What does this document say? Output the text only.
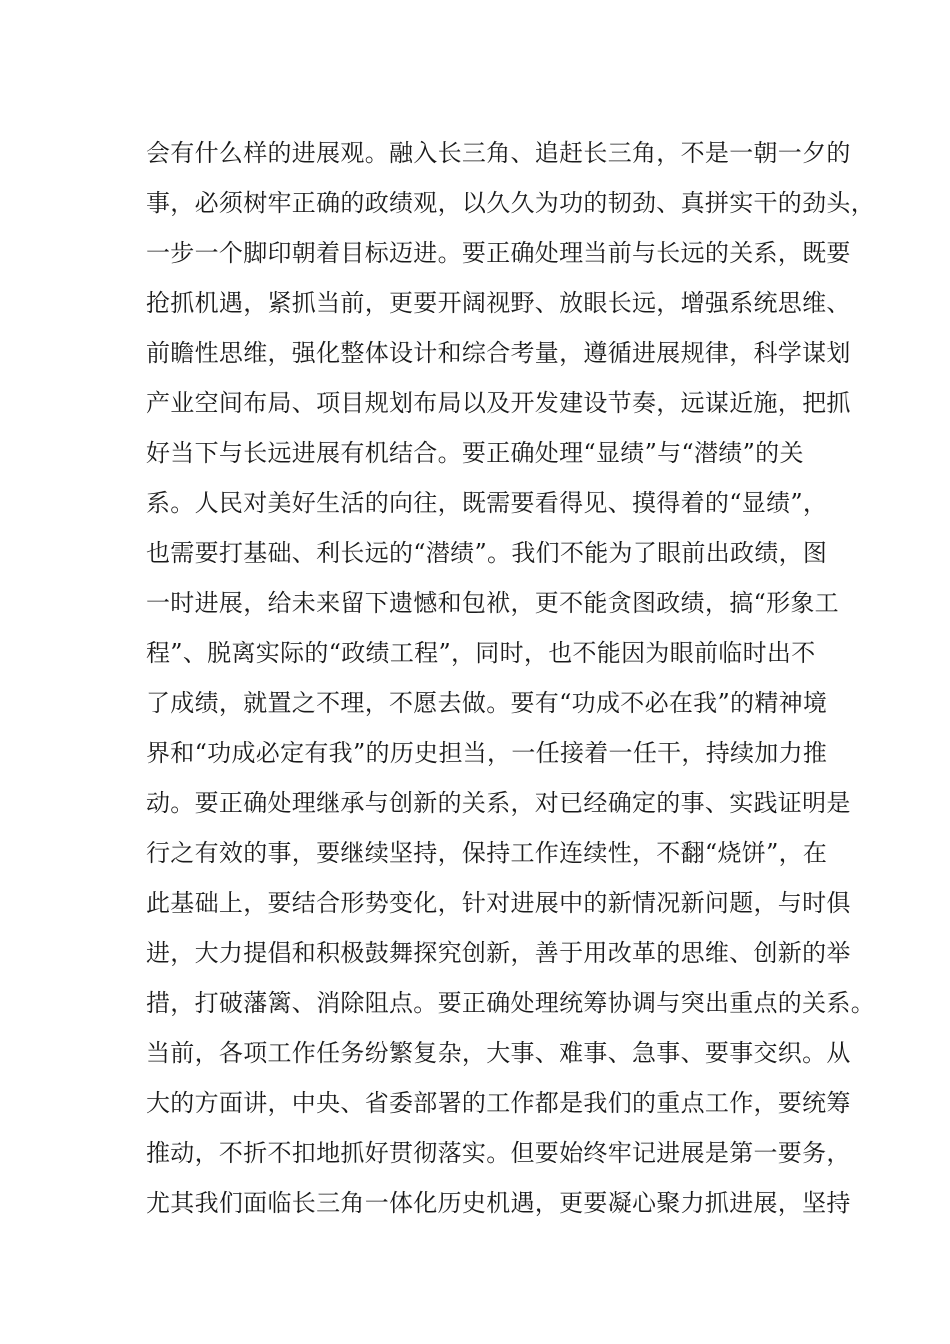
会有什么样的进展观。融入长三角、追赶长三角，不是一朝一夕的
事，必须树牢正确的政绩观，以久久为功的韧劲、真拼实干的劲头，
一步一个脚印朝着目标迈进。要正确处理当前与长远的关系，既要
抢抓机遇，紧抓当前，更要开阔视野、放眼长远，增强系统思维、
前瞻性思维，强化整体设计和综合考量，遵循进展规律，科学谋划
产业空间布局、项目规划布局以及开发建设节奏，远谋近施，把抓
好当下与长远进展有机结合。要正确处理“显绩”与“潜绩”的关
系。人民对美好生活的向往，既需要看得见、摸得着的“显绩”，
也需要打基础、利长远的“潜绩”。我们不能为了眼前出政绩，图
一时进展，给未来留下遗憾和包袱，更不能贪图政绩，搞“形象工
程”、脱离实际的“政绩工程”，同时，也不能因为眼前临时出不
了成绩，就置之不理，不愿去做。要有“功成不必在我”的精神境
界和“功成必定有我”的历史担当，一任接着一任干，持续加力推
动。要正确处理继承与创新的关系，对已经确定的事、实践证明是
行之有效的事，要继续坚持，保持工作连续性，不翻“烧饼”，在
此基础上，要结合形势变化，针对进展中的新情况新问题，与时俱
进，大力提倡和积极鼓舞探究创新，善于用改革的思维、创新的举
措，打破藩篱、消除阻点。要正确处理统筹协调与突出重点的关系。
当前，各项工作任务纷繁复杂，大事、难事、急事、要事交织。从
大的方面讲，中央、省委部署的工作都是我们的重点工作，要统筹
推动，不折不扣地抓好贯彻落实。但要始终牢记进展是第一要务，
尤其我们面临长三角一体化历史机遇，更要凝心聚力抓进展，坚持
